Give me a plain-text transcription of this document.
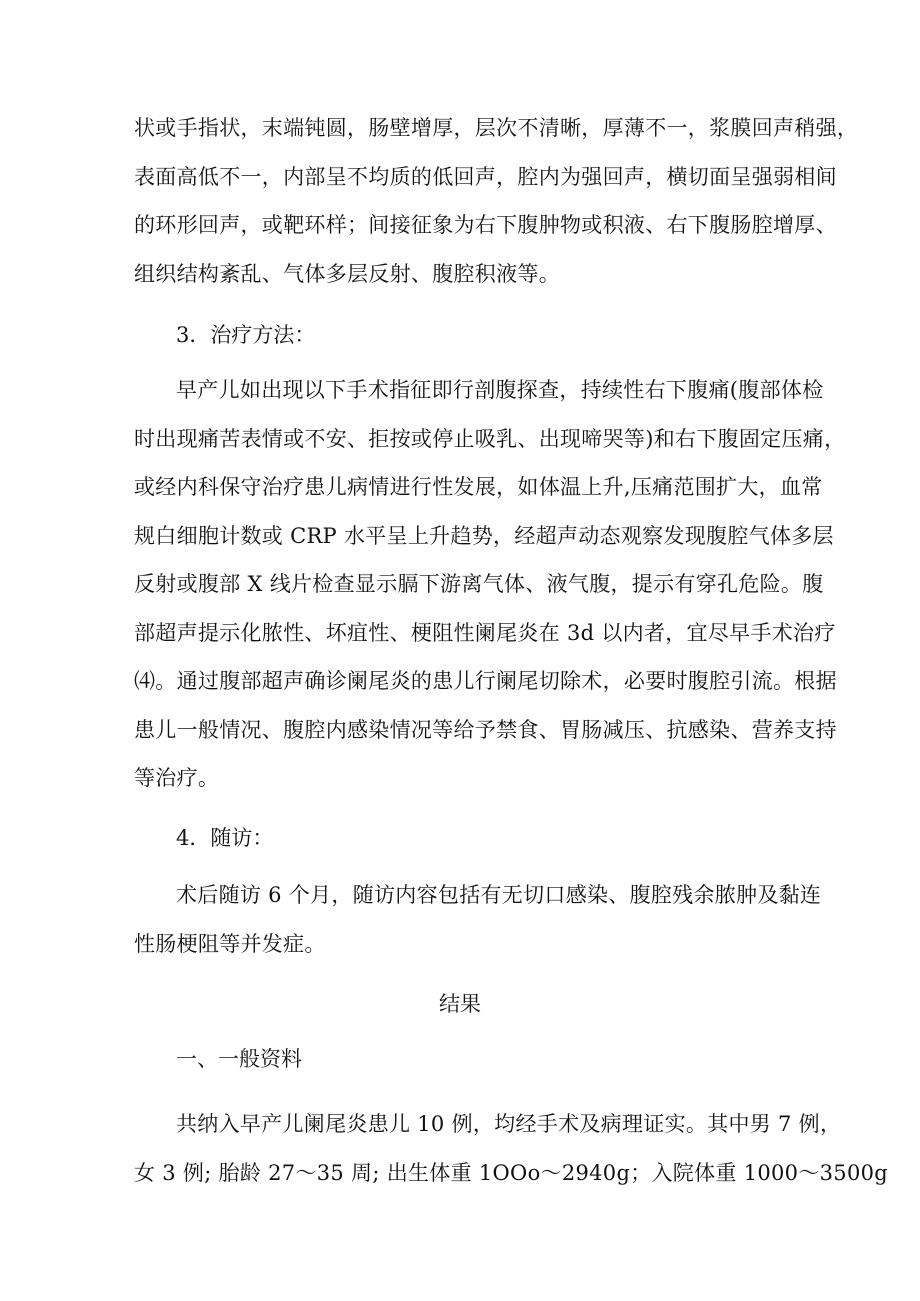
状或手指状，末端钝圆，肠壁增厚，层次不清晰，厚薄不一，浆膜回声稍强，
表面高低不一，内部呈不均质的低回声，腔内为强回声，横切面呈强弱相间
的环形回声，或靶环样；间接征象为右下腹肿物或积液、右下腹肠腔增厚、
组织结构紊乱、气体多层反射、腹腔积液等。

3．治疗方法：

早产儿如出现以下手术指征即行剖腹探查，持续性右下腹痛(腹部体检
时出现痛苦表情或不安、拒按或停止吸乳、出现啼哭等)和右下腹固定压痛，
或经内科保守治疗患儿病情进行性发展，如体温上升,压痛范围扩大，血常
规白细胞计数或 CRP 水平呈上升趋势，经超声动态观察发现腹腔气体多层
反射或腹部 X 线片检查显示膈下游离气体、液气腹，提示有穿孔危险。腹
部超声提示化脓性、坏疽性、梗阻性阑尾炎在 3d 以内者，宜尽早手术治疗
⑷。通过腹部超声确诊阑尾炎的患儿行阑尾切除术，必要时腹腔引流。根据
患儿一般情况、腹腔内感染情况等给予禁食、胃肠减压、抗感染、营养支持
等治疗。

4．随访：

术后随访 6 个月，随访内容包括有无切口感染、腹腔残余脓肿及黏连
性肠梗阻等并发症。

结果

一、一般资料

共纳入早产儿阑尾炎患儿 10 例，均经手术及病理证实。其中男 7 例，
女 3 例; 胎龄 27～35 周; 出生体重 1OOo～2940g；入院体重 1000～3500g
